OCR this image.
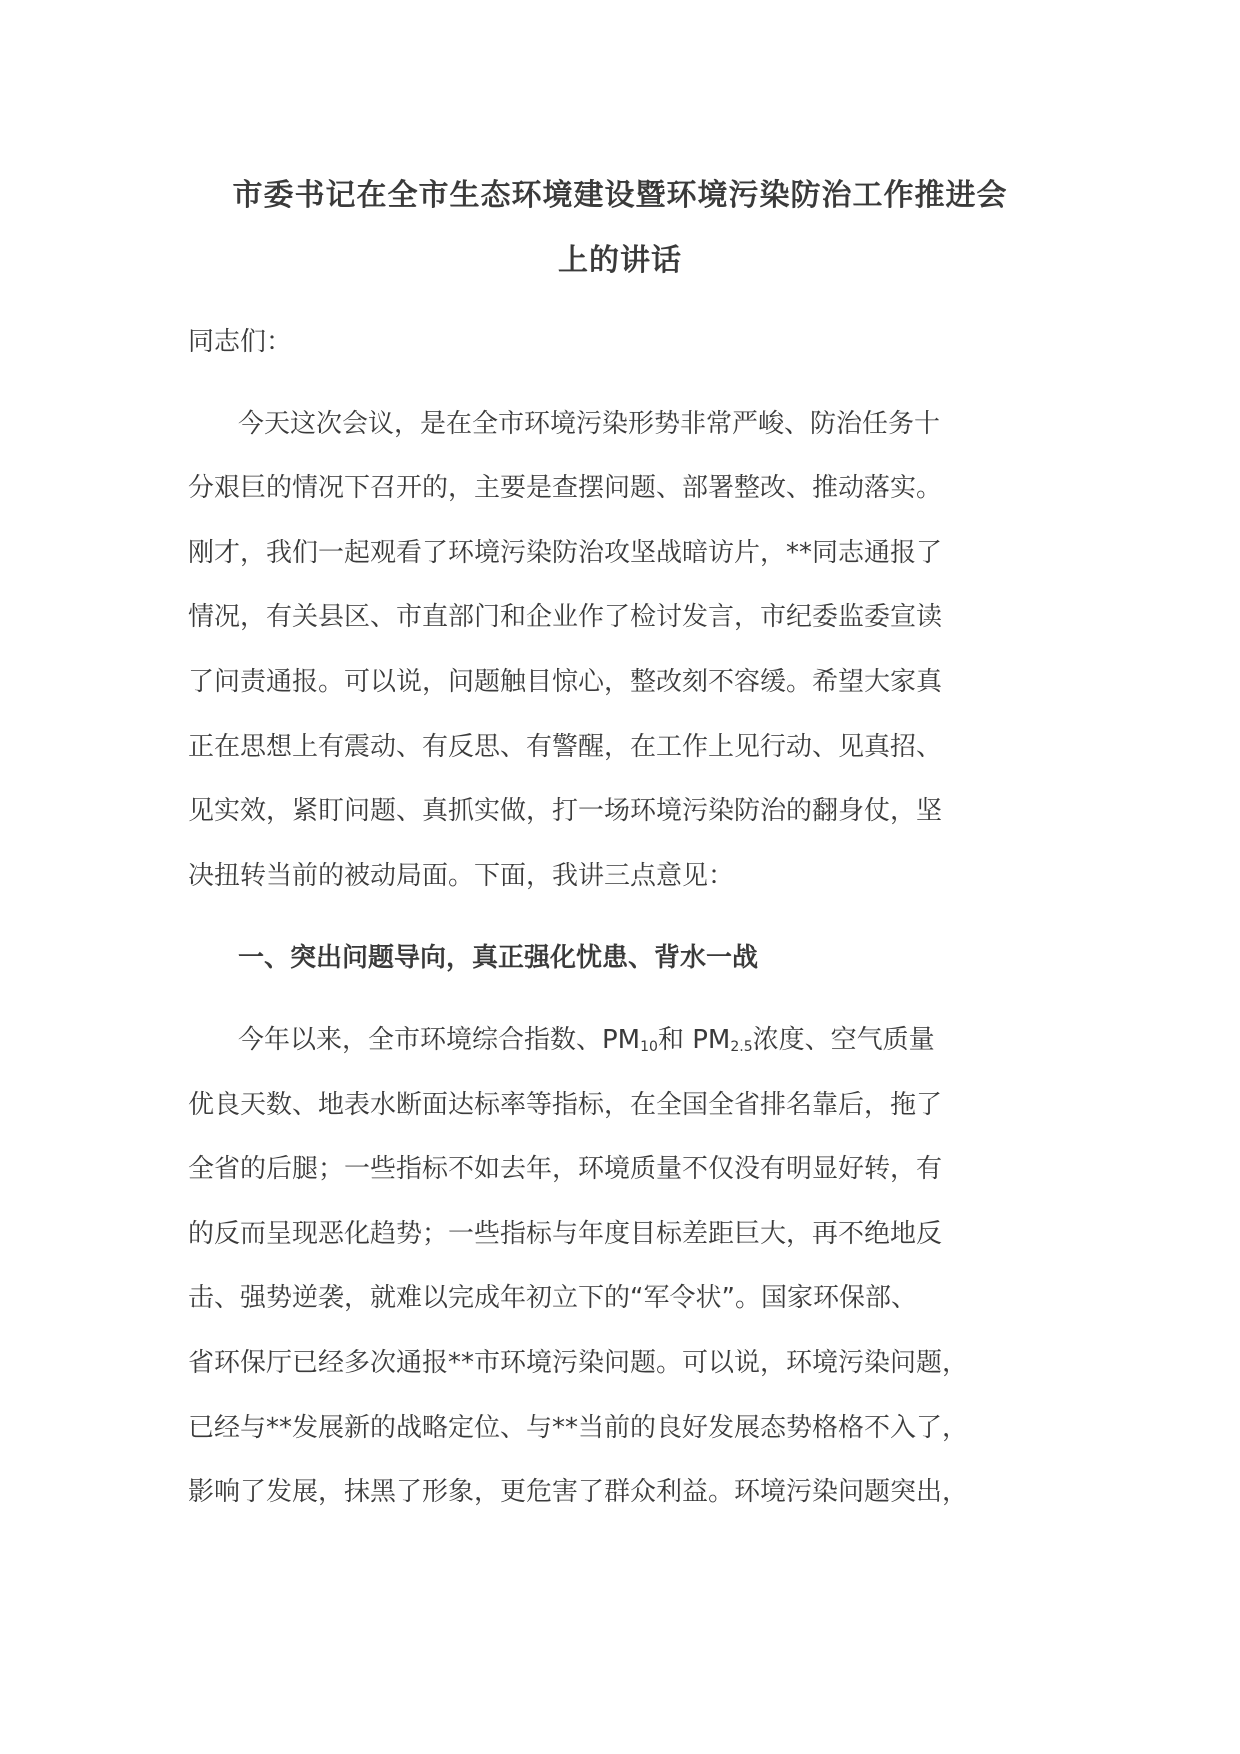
市委书记在全市生态环境建设暨环境污染防治工作推进会
上的讲话
同志们：
今天这次会议，是在全市环境污染形势非常严峻、防治任务十
分艰巨的情况下召开的，主要是查摆问题、部署整改、推动落实。
刚才，我们一起观看了环境污染防治攻坚战暗访片，**同志通报了
情况，有关县区、市直部门和企业作了检讨发言，市纪委监委宣读
了问责通报。可以说，问题触目惊心，整改刻不容缓。希望大家真
正在思想上有震动、有反思、有警醒，在工作上见行动、见真招、
见实效，紧盯问题、真抓实做，打一场环境污染防治的翻身仗，坚
决扭转当前的被动局面。下面，我讲三点意见：
一、突出问题导向，真正强化忧患、背水一战
今年以来，全市环境综合指数、$PM_{10}$和 $PM_{2.5}$浓度、空气质量
优良天数、地表水断面达标率等指标，在全国全省排名靠后，拖了
全省的后腿；一些指标不如去年，环境质量不仅没有明显好转，有
的反而呈现恶化趋势；一些指标与年度目标差距巨大，再不绝地反
击、强势逆袭，就难以完成年初立下的“军令状”。国家环保部、
省环保厅已经多次通报**市环境污染问题。可以说，环境污染问题，
已经与**发展新的战略定位、与**当前的良好发展态势格格不入了，
影响了发展，抹黑了形象，更危害了群众利益。环境污染问题突出，
